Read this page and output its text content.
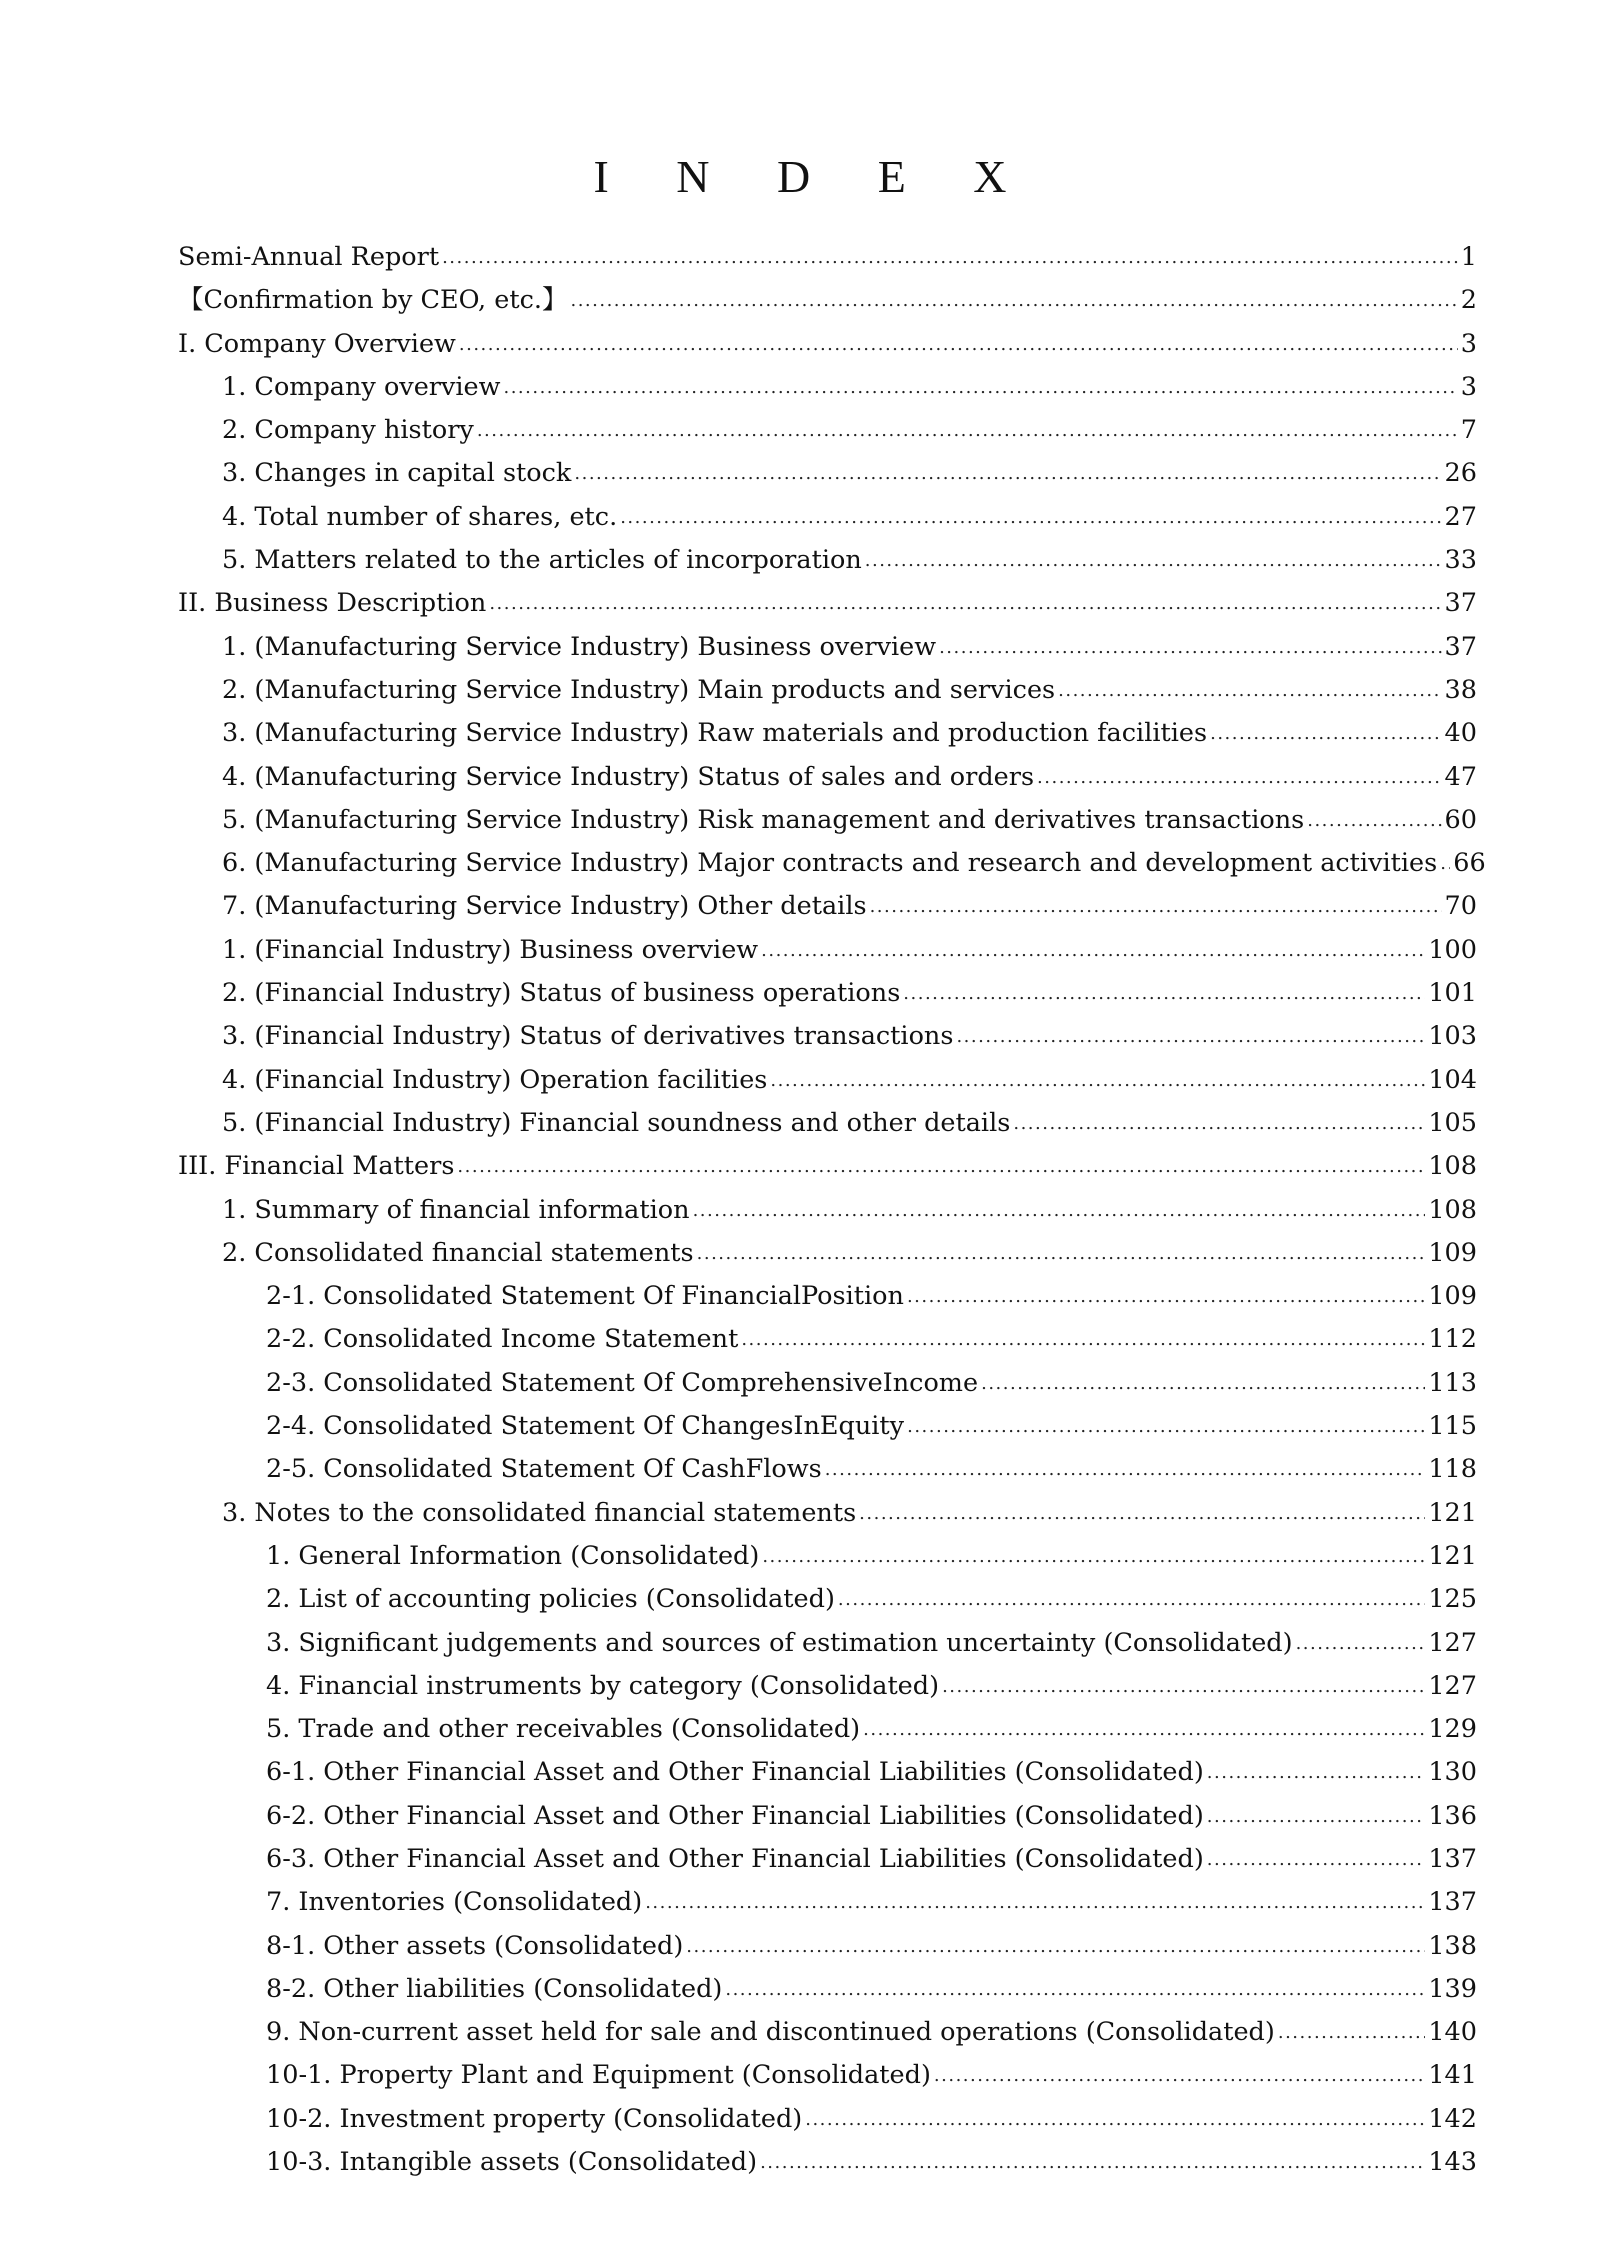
I N D E X
Semi-Annual Report .....	1
【Confirmation by CEO, etc.】 .....	2
I. Company Overview .....	3
1. Company overview .....	3
2. Company history .....	7
3. Changes in capital stock .....	26
4. Total number of shares, etc. .....	27
5. Matters related to the articles of incorporation .....	33
II. Business Description .....	37
1. (Manufacturing Service Industry) Business overview .....	37
2. (Manufacturing Service Industry) Main products and services .....	38
3. (Manufacturing Service Industry) Raw materials and production facilities .....	40
4. (Manufacturing Service Industry) Status of sales and orders .....	47
5. (Manufacturing Service Industry) Risk management and derivatives transactions .....	60
6. (Manufacturing Service Industry) Major contracts and research and development activities ..... 66
7. (Manufacturing Service Industry) Other details .....	70
1. (Financial Industry) Business overview .....	100
2. (Financial Industry) Status of business operations .....	101
3. (Financial Industry) Status of derivatives transactions .....	103
4. (Financial Industry) Operation facilities .....	104
5. (Financial Industry) Financial soundness and other details .....	105
III. Financial Matters .....	108
1. Summary of financial information .....	108
2. Consolidated financial statements .....	109
2-1. Consolidated Statement Of FinancialPosition .....	109
2-2. Consolidated Income Statement .....	112
2-3. Consolidated Statement Of ComprehensiveIncome .....	113
2-4. Consolidated Statement Of ChangesInEquity .....	115
2-5. Consolidated Statement Of CashFlows .....	118
3. Notes to the consolidated financial statements .....	121
1. General Information (Consolidated) .....	121
2. List of accounting policies (Consolidated) .....	125
3. Significant judgements and sources of estimation uncertainty (Consolidated) .....	127
4. Financial instruments by category (Consolidated) .....	127
5. Trade and other receivables (Consolidated) .....	129
6-1. Other Financial Asset and Other Financial Liabilities (Consolidated) .....	130
6-2. Other Financial Asset and Other Financial Liabilities (Consolidated) .....	136
6-3. Other Financial Asset and Other Financial Liabilities (Consolidated) .....	137
7. Inventories (Consolidated) .....	137
8-1. Other assets (Consolidated) .....	138
8-2. Other liabilities (Consolidated) .....	139
9. Non-current asset held for sale and discontinued operations (Consolidated) .....	140
10-1. Property Plant and Equipment (Consolidated) .....	141
10-2. Investment property (Consolidated) .....	142
10-3. Intangible assets (Consolidated) .....	143
